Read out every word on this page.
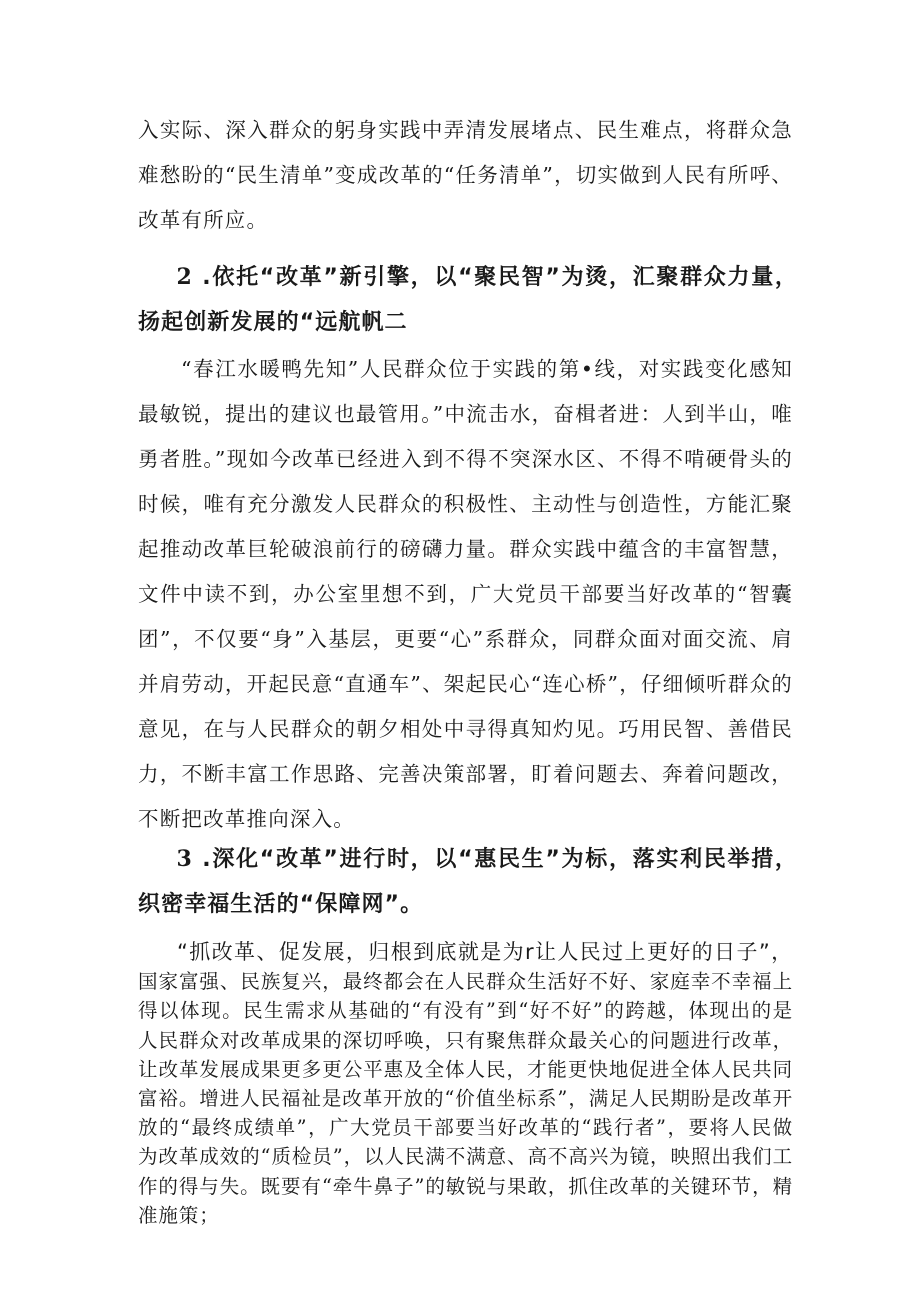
入实际、深入群众的躬身实践中弄清发展堵点、民生难点，将群众急难愁盼的“民生清单”变成改革的“任务清单”，切实做到人民有所呼、改革有所应。

2 .依托“改革”新引擎，以“聚民智”为烫，汇聚群众力量，扬起创新发展的“远航帆二

“春江水暖鸭先知”人民群众位于实践的第•线，对实践变化感知最敏锐，提出的建议也最管用。”中流击水，奋楫者进：人到半山，唯勇者胜。”现如今改革已经进入到不得不突深水区、不得不啃硬骨头的时候，唯有充分激发人民群众的积极性、主动性与创造性，方能汇聚起推动改革巨轮破浪前行的磅礴力量。群众实践中蕴含的丰富智慧，文件中读不到，办公室里想不到，广大党员干部要当好改革的“智囊团”，不仅要“身”入基层，更要“心”系群众，同群众面对面交流、肩并肩劳动，开起民意“直通车”、架起民心“连心桥”，仔细倾听群众的意见，在与人民群众的朝夕相处中寻得真知灼见。巧用民智、善借民力，不断丰富工作思路、完善决策部署，盯着问题去、奔着问题改，不断把改革推向深入。

3 .深化“改革”进行时，以“惠民生”为标，落实利民举措，织密幸福生活的“保障网”。

“抓改革、促发展，归根到底就是为r让人民过上更好的日子”，国家富强、民族复兴，最终都会在人民群众生活好不好、家庭幸不幸福上得以体现。民生需求从基础的“有没有”到“好不好”的跨越，体现出的是人民群众对改革成果的深切呼唤，只有聚焦群众最关心的问题进行改革，让改革发展成果更多更公平惠及全体人民，才能更快地促进全体人民共同富裕。增进人民福祉是改革开放的“价值坐标系”，满足人民期盼是改革开放的“最终成绩单”，广大党员干部要当好改革的“践行者”，要将人民做为改革成效的“质检员”，以人民满不满意、高不高兴为镜，映照出我们工作的得与失。既要有“牵牛鼻子”的敏锐与果敢，抓住改革的关键环节，精准施策；
